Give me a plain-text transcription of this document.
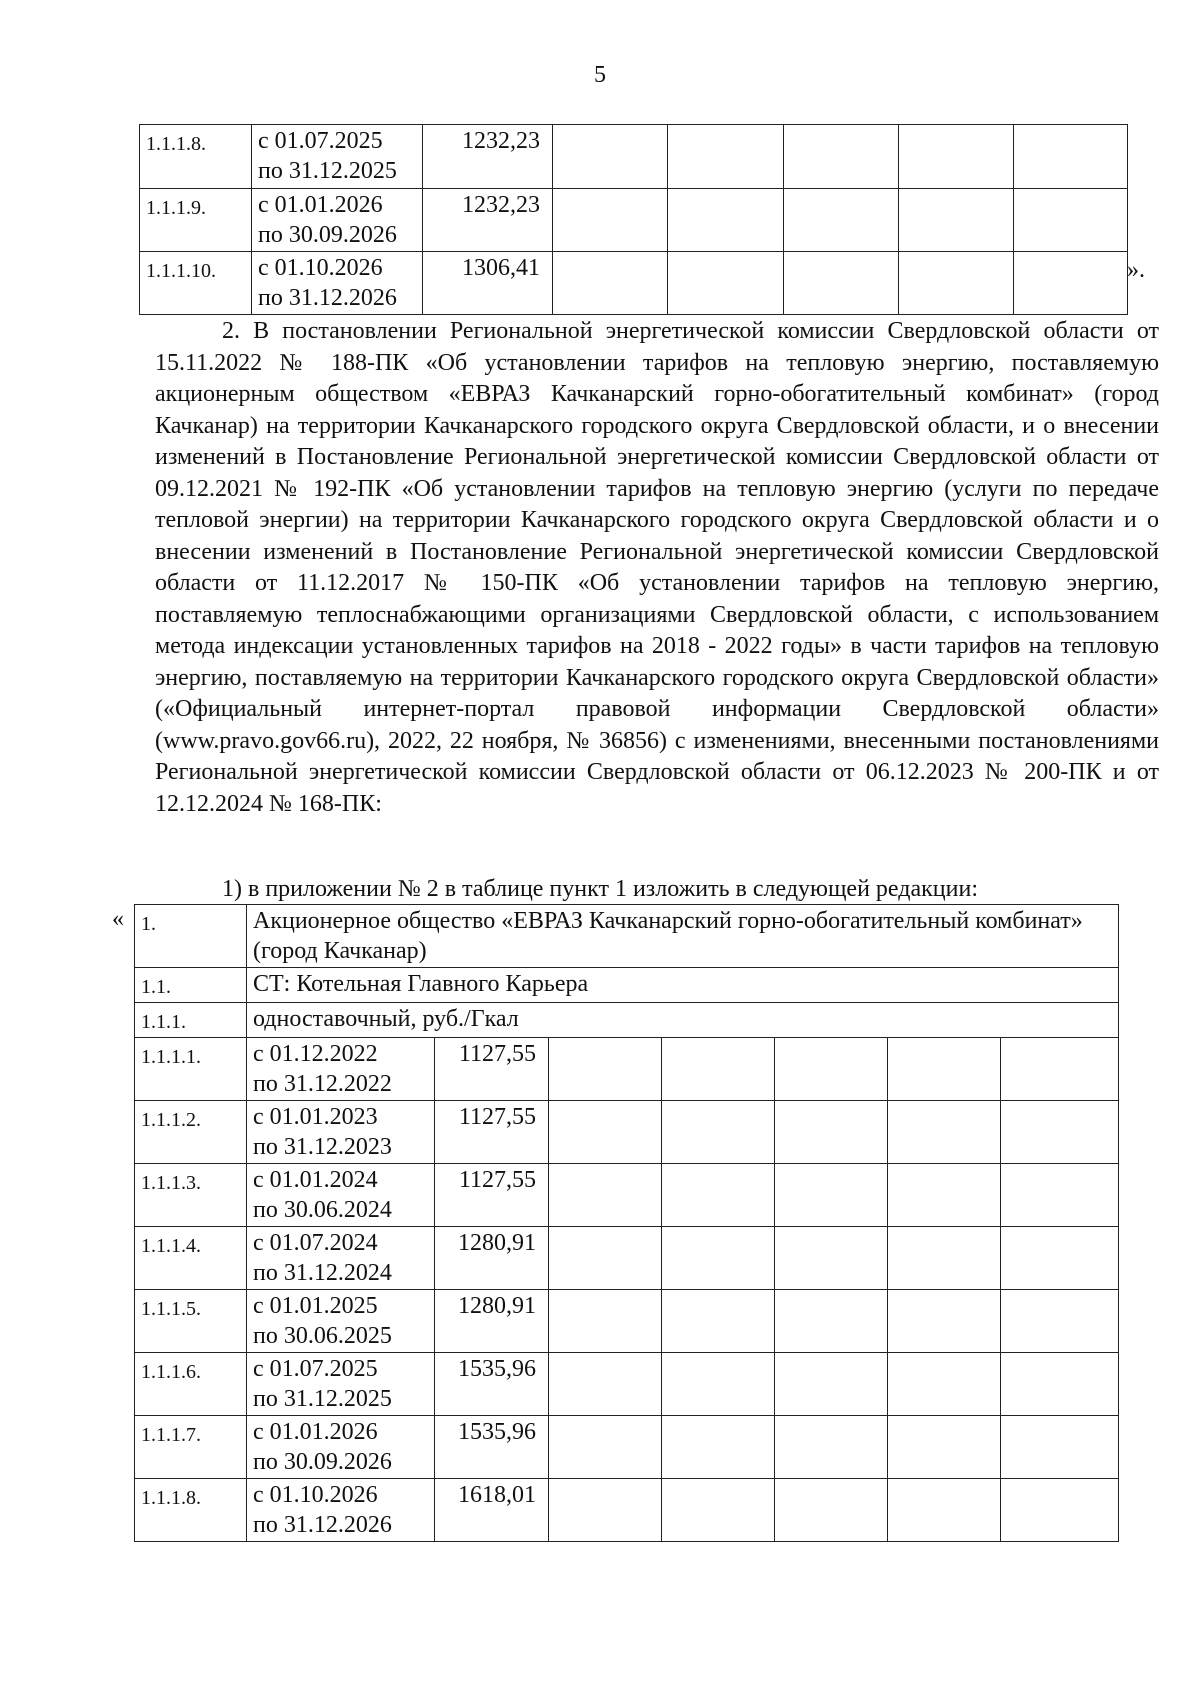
5
1.1.1.8.	с 01.07.2025
по 31.12.2025	1232,23					
1.1.1.9.	с 01.01.2026
по 30.09.2026	1232,23					
1.1.1.10.	с 01.10.2026
по 31.12.2026	1306,41						».

2. В постановлении Региональной энергетической комиссии Свердловской области от 15.11.2022 № 188-ПК «Об установлении тарифов на тепловую энергию, поставляемую акционерным обществом «ЕВРАЗ Качканарский горно-обогатительный комбинат» (город Качканар) на территории Качканарского городского округа Свердловской области, и о внесении изменений в Постановление Региональной энергетической комиссии Свердловской области от 09.12.2021 № 192-ПК «Об установлении тарифов на тепловую энергию (услуги по передаче тепловой энергии) на территории Качканарского городского округа Свердловской области и о внесении изменений в Постановление Региональной энергетической комиссии Свердловской области от 11.12.2017 № 150-ПК «Об установлении тарифов на тепловую энергию, поставляемую теплоснабжающими организациями Свердловской области, с использованием метода индексации установленных тарифов на 2018 - 2022 годы» в части тарифов на тепловую энергию, поставляемую на территории Качканарского городского округа Свердловской области» («Официальный интернет-портал правовой информации Свердловской области» (www.pravo.gov66.ru), 2022, 22 ноября, № 36856) с изменениями, внесенными постановлениями Региональной энергетической комиссии Свердловской области от 06.12.2023 № 200-ПК и от 12.12.2024 № 168-ПК:

1) в приложении № 2 в таблице пункт 1 изложить в следующей редакции:

« 1.	Акционерное общество «ЕВРАЗ Качканарский горно-обогатительный комбинат» (город Качканар)						
1.1.	СТ: Котельная Главного Карьера						
1.1.1.	одноставочный, руб./Гкал						
1.1.1.1.	с 01.12.2022
по 31.12.2022	1127,55					
1.1.1.2.	с 01.01.2023
по 31.12.2023	1127,55					
1.1.1.3.	с 01.01.2024
по 30.06.2024	1127,55					
1.1.1.4.	с 01.07.2024
по 31.12.2024	1280,91					
1.1.1.5.	с 01.01.2025
по 30.06.2025	1280,91					
1.1.1.6.	с 01.07.2025
по 31.12.2025	1535,96					
1.1.1.7.	с 01.01.2026
по 30.09.2026	1535,96					
1.1.1.8.	с 01.10.2026
по 31.12.2026	1618,01					
